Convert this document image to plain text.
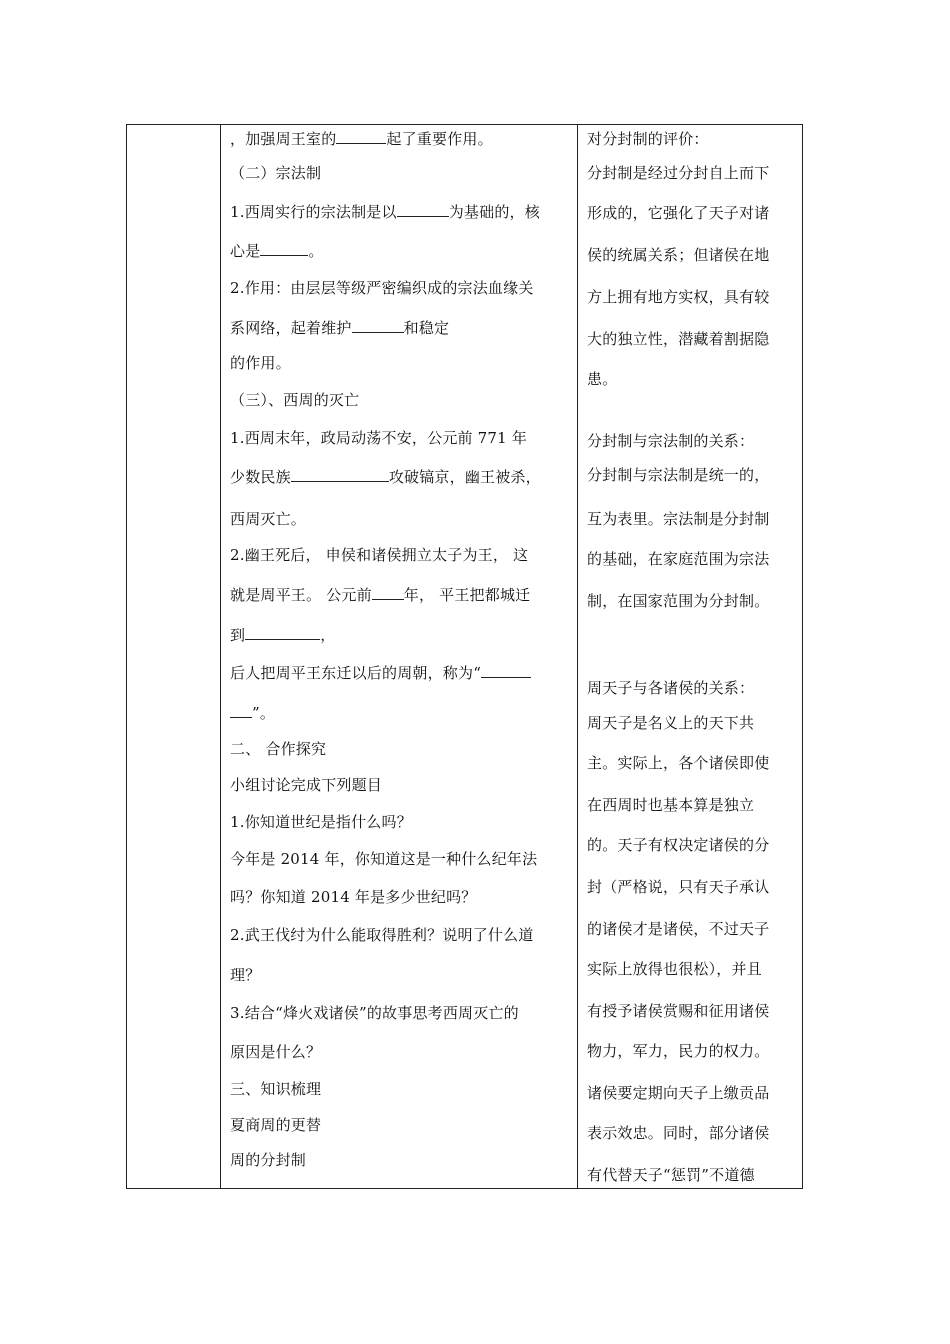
，加强周王室的	起了重要作用。
（二）宗法制
1.西周实行的宗法制是以	为基础的，核
心是	。
2.作用：由层层等级严密编织成的宗法血缘关
系网络，起着维护	和稳定
的作用。
（三）、西周的灭亡
1.西周末年，政局动荡不安，公元前 771 年
少数民族	攻破镐京，幽王被杀，
西周灭亡。
2.幽王死后， 申侯和诸侯拥立太子为王， 这
就是周平王。 公元前 年， 平王把都城迁
到	，
后人把周平王东迁以后的周朝，称为“
”。
二、 合作探究
小组讨论完成下列题目
1.你知道世纪是指什么吗？
今年是 2014 年，你知道这是一种什么纪年法
吗？你知道 2014 年是多少世纪吗？
2.武王伐纣为什么能取得胜利？说明了什么道
理？
3.结合“烽火戏诸侯”的故事思考西周灭亡的
原因是什么？
三、知识梳理
夏商周的更替
周的分封制
对分封制的评价：
分封制是经过分封自上而下
形成的，它强化了天子对诸
侯的统属关系；但诸侯在地
方上拥有地方实权，具有较
大的独立性，潜藏着割据隐
患。
分封制与宗法制的关系：
分封制与宗法制是统一的，
互为表里。宗法制是分封制
的基础，在家庭范围为宗法
制，在国家范围为分封制。
周天子与各诸侯的关系：
周天子是名义上的天下共
主。实际上，各个诸侯即使
在西周时也基本算是独立
的。天子有权决定诸侯的分
封（严格说，只有天子承认
的诸侯才是诸侯，不过天子
实际上放得也很松），并且
有授予诸侯赏赐和征用诸侯
物力，军力，民力的权力。
诸侯要定期向天子上缴贡品
表示效忠。同时，部分诸侯
有代替天子“惩罚”不道德
